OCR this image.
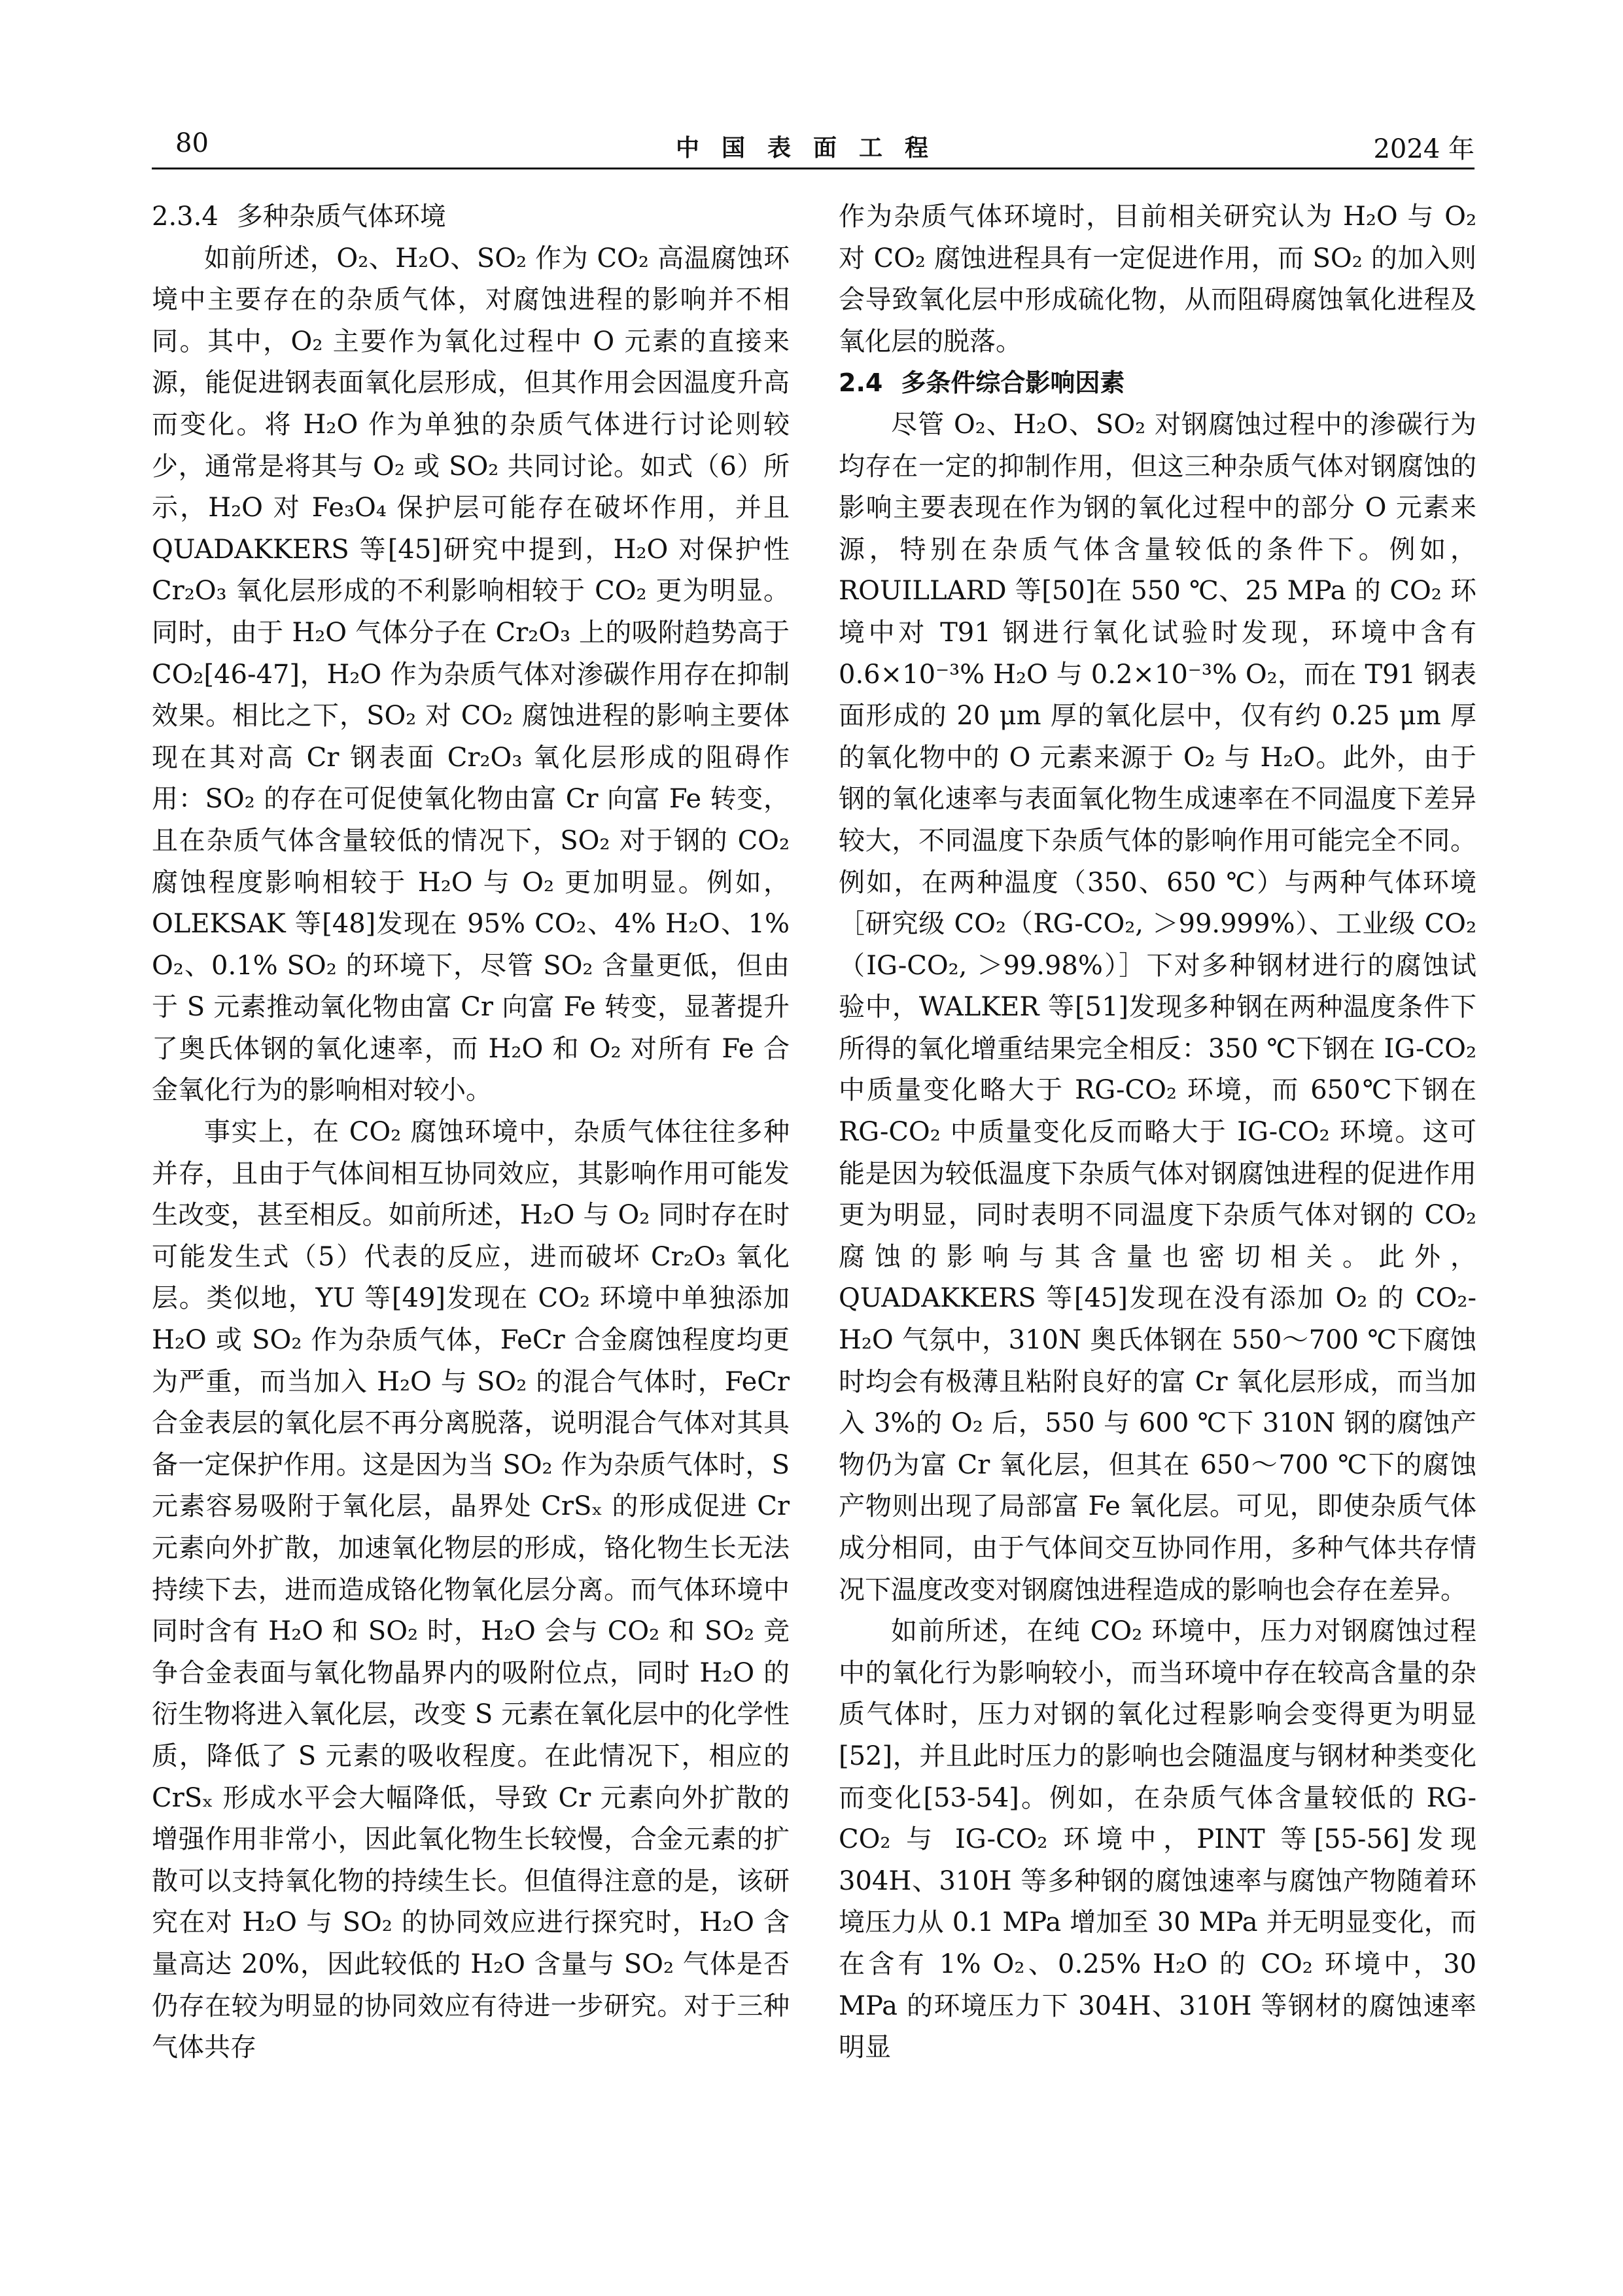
80	中国表面工程	2024 年
2.3.4 多种杂质气体环境

如前所述，O₂、H₂O、SO₂ 作为 CO₂ 高温腐蚀环境中主要存在的杂质气体，对腐蚀进程的影响并不相同。其中，O₂ 主要作为氧化过程中 O 元素的直接来源，能促进钢表面氧化层形成，但其作用会因温度升高而变化。将 H₂O 作为单独的杂质气体进行讨论则较少，通常是将其与 O₂ 或 SO₂ 共同讨论。如式（6）所示，H₂O 对 Fe₃O₄ 保护层可能存在破坏作用，并且 QUADAKKERS 等[45]研究中提到，H₂O 对保护性 Cr₂O₃ 氧化层形成的不利影响相较于 CO₂ 更为明显。同时，由于 H₂O 气体分子在 Cr₂O₃ 上的吸附趋势高于 CO₂[46-47]，H₂O 作为杂质气体对渗碳作用存在抑制效果。相比之下，SO₂ 对 CO₂ 腐蚀进程的影响主要体现在其对高 Cr 钢表面 Cr₂O₃ 氧化层形成的阻碍作用：SO₂ 的存在可促使氧化物由富 Cr 向富 Fe 转变，且在杂质气体含量较低的情况下，SO₂ 对于钢的 CO₂ 腐蚀程度影响相较于 H₂O 与 O₂ 更加明显。例如，OLEKSAK 等[48]发现在 95% CO₂、4% H₂O、1% O₂、0.1% SO₂ 的环境下，尽管 SO₂ 含量更低，但由于 S 元素推动氧化物由富 Cr 向富 Fe 转变，显著提升了奥氏体钢的氧化速率，而 H₂O 和 O₂ 对所有 Fe 合金氧化行为的影响相对较小。

事实上，在 CO₂ 腐蚀环境中，杂质气体往往多种并存，且由于气体间相互协同效应，其影响作用可能发生改变，甚至相反。如前所述，H₂O 与 O₂ 同时存在时可能发生式（5）代表的反应，进而破坏 Cr₂O₃ 氧化层。类似地，YU 等[49]发现在 CO₂ 环境中单独添加 H₂O 或 SO₂ 作为杂质气体，FeCr 合金腐蚀程度均更为严重，而当加入 H₂O 与 SO₂ 的混合气体时，FeCr 合金表层的氧化层不再分离脱落，说明混合气体对其具备一定保护作用。这是因为当 SO₂ 作为杂质气体时，S 元素容易吸附于氧化层，晶界处 CrSₓ 的形成促进 Cr 元素向外扩散，加速氧化物层的形成，铬化物生长无法持续下去，进而造成铬化物氧化层分离。而气体环境中同时含有 H₂O 和 SO₂ 时，H₂O 会与 CO₂ 和 SO₂ 竞争合金表面与氧化物晶界内的吸附位点，同时 H₂O 的衍生物将进入氧化层，改变 S 元素在氧化层中的化学性质，降低了 S 元素的吸收程度。在此情况下，相应的 CrSₓ 形成水平会大幅降低，导致 Cr 元素向外扩散的增强作用非常小，因此氧化物生长较慢，合金元素的扩散可以支持氧化物的持续生长。但值得注意的是，该研究在对 H₂O 与 SO₂ 的协同效应进行探究时，H₂O 含量高达 20%，因此较低的 H₂O 含量与 SO₂ 气体是否仍存在较为明显的协同效应有待进一步研究。对于三种气体共存

作为杂质气体环境时，目前相关研究认为 H₂O 与 O₂ 对 CO₂ 腐蚀进程具有一定促进作用，而 SO₂ 的加入则会导致氧化层中形成硫化物，从而阻碍腐蚀氧化进程及氧化层的脱落。

2.4 多条件综合影响因素

尽管 O₂、H₂O、SO₂ 对钢腐蚀过程中的渗碳行为均存在一定的抑制作用，但这三种杂质气体对钢腐蚀的影响主要表现在作为钢的氧化过程中的部分 O 元素来源，特别在杂质气体含量较低的条件下。例如，ROUILLARD 等[50]在 550 ℃、25 MPa 的 CO₂ 环境中对 T91 钢进行氧化试验时发现，环境中含有 0.6×10⁻³% H₂O 与 0.2×10⁻³% O₂，而在 T91 钢表面形成的 20 μm 厚的氧化层中，仅有约 0.25 μm 厚的氧化物中的 O 元素来源于 O₂ 与 H₂O。此外，由于钢的氧化速率与表面氧化物生成速率在不同温度下差异较大，不同温度下杂质气体的影响作用可能完全不同。例如，在两种温度（350、650 ℃）与两种气体环境［研究级 CO₂（RG-CO₂, ＞99.999%）、工业级 CO₂（IG-CO₂, ＞99.98%）］下对多种钢材进行的腐蚀试验中，WALKER 等[51]发现多种钢在两种温度条件下所得的氧化增重结果完全相反：350 ℃下钢在 IG-CO₂ 中质量变化略大于 RG-CO₂ 环境，而 650℃下钢在 RG-CO₂ 中质量变化反而略大于 IG-CO₂ 环境。这可能是因为较低温度下杂质气体对钢腐蚀进程的促进作用更为明显，同时表明不同温度下杂质气体对钢的 CO₂ 腐蚀的影响与其含量也密切相关。此外，QUADAKKERS 等[45]发现在没有添加 O₂ 的 CO₂-H₂O 气氛中，310N 奥氏体钢在 550～700 ℃下腐蚀时均会有极薄且粘附良好的富 Cr 氧化层形成，而当加入 3%的 O₂ 后，550 与 600 ℃下 310N 钢的腐蚀产物仍为富 Cr 氧化层，但其在 650～700 ℃下的腐蚀产物则出现了局部富 Fe 氧化层。可见，即使杂质气体成分相同，由于气体间交互协同作用，多种气体共存情况下温度改变对钢腐蚀进程造成的影响也会存在差异。

如前所述，在纯 CO₂ 环境中，压力对钢腐蚀过程中的氧化行为影响较小，而当环境中存在较高含量的杂质气体时，压力对钢的氧化过程影响会变得更为明显[52]，并且此时压力的影响也会随温度与钢材种类变化而变化[53-54]。例如，在杂质气体含量较低的 RG-CO₂ 与 IG-CO₂ 环境中，PINT 等[55-56]发现 304H、310H 等多种钢的腐蚀速率与腐蚀产物随着环境压力从 0.1 MPa 增加至 30 MPa 并无明显变化，而在含有 1% O₂、0.25% H₂O 的 CO₂ 环境中，30 MPa 的环境压力下 304H、310H 等钢材的腐蚀速率明显
